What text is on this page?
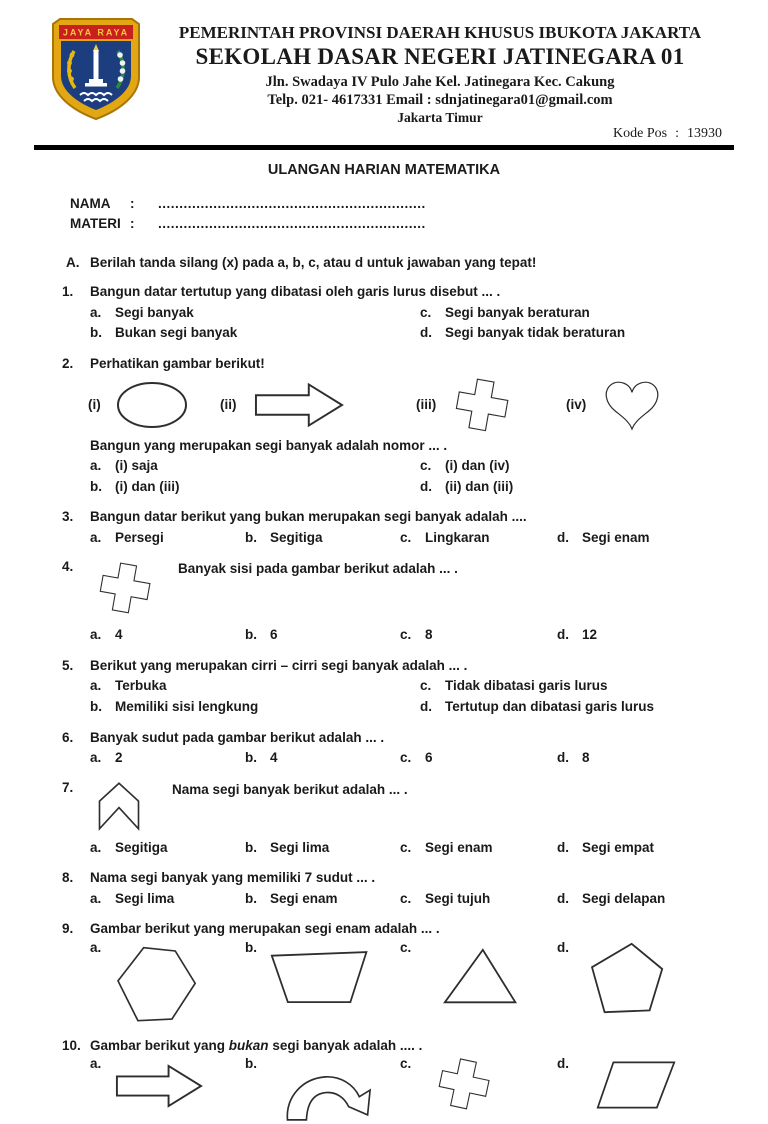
JAYA RAYA	PEMERINTAH PROVINSI DAERAH KHUSUS IBUKOTA JAKARTA
SEKOLAH DASAR NEGERI JATINEGARA 01
Jln. Swadaya IV Pulo Jahe Kel. Jatinegara Kec. Cakung
Telp. 021- 4617331 Email : sdnjatinegara01@gmail.com
Jakarta Timur
Kode Pos : 13930
ULANGAN HARIAN MATEMATIKA
NAMA : ...............................................................
MATERI : ...............................................................
A. Berilah tanda silang (x) pada a, b, c, atau d untuk jawaban yang tepat!
1.	Bangun datar tertutup yang dibatasi oleh garis lurus disebut ... .
a.	Segi banyak	c.	Segi banyak beraturan
b. Bukan segi banyak	d. Segi banyak tidak beraturan
2.	Perhatikan gambar berikut!
(i)	(ii)	(iii)	(iv)
Bangun yang merupakan segi banyak adalah nomor ... .
a.	(i) saja	c.	(i) dan (iv)
b. (i) dan (iii)	d. (ii) dan (iii)
3.	Bangun datar berikut yang bukan merupakan segi banyak adalah ....
a.	Persegi	b. Segitiga	c.	Lingkaran	d. Segi enam
4.	Banyak sisi pada gambar berikut adalah ... .
a.	4	b. 6	c.	8	d. 12
5.	Berikut yang merupakan cirri – cirri segi banyak adalah ... .
a.	Terbuka	c.	Tidak dibatasi garis lurus
b. Memiliki sisi lengkung	d. Tertutup dan dibatasi garis lurus
6.	Banyak sudut pada gambar berikut adalah ... .
a.	2	b. 4	c.	6	d. 8
7.	Nama segi banyak berikut adalah ... .
a.	Segitiga	b. Segi lima	c.	Segi enam	d. Segi empat
8.	Nama segi banyak yang memiliki 7 sudut ... .
a.	Segi lima	b. Segi enam	c.	Segi tujuh	d. Segi delapan
9.	Gambar berikut yang merupakan segi enam adalah ... .
a.	b.	c.	d.
10. Gambar berikut yang bukan segi banyak adalah .... .
a.	b.	c.	d.
